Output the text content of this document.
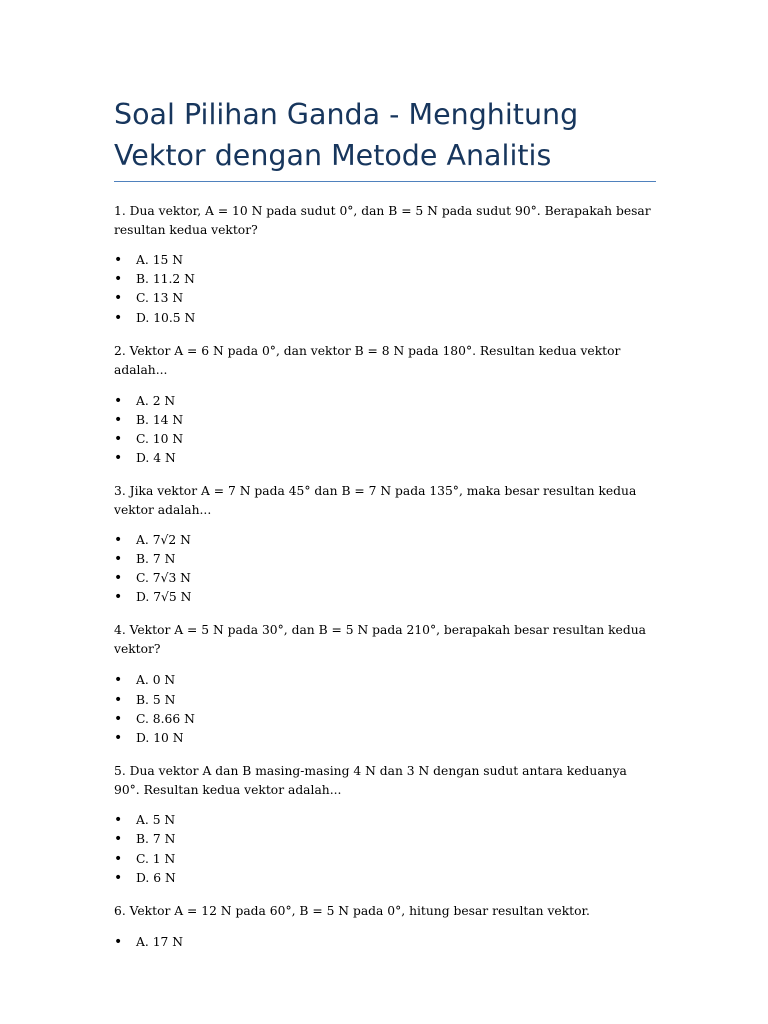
Soal Pilihan Ganda - Menghitung Vektor dengan Metode Analitis

1. Dua vektor, A = 10 N pada sudut 0°, dan B = 5 N pada sudut 90°. Berapakah besar resultan kedua vektor?

• A. 15 N
• B. 11.2 N
• C. 13 N
• D. 10.5 N

2. Vektor A = 6 N pada 0°, dan vektor B = 8 N pada 180°. Resultan kedua vektor adalah...

• A. 2 N
• B. 14 N
• C. 10 N
• D. 4 N

3. Jika vektor A = 7 N pada 45° dan B = 7 N pada 135°, maka besar resultan kedua vektor adalah...

• A. 7√2 N
• B. 7 N
• C. 7√3 N
• D. 7√5 N

4. Vektor A = 5 N pada 30°, dan B = 5 N pada 210°, berapakah besar resultan kedua vektor?

• A. 0 N
• B. 5 N
• C. 8.66 N
• D. 10 N

5. Dua vektor A dan B masing-masing 4 N dan 3 N dengan sudut antara keduanya 90°. Resultan kedua vektor adalah...

• A. 5 N
• B. 7 N
• C. 1 N
• D. 6 N

6. Vektor A = 12 N pada 60°, B = 5 N pada 0°, hitung besar resultan vektor.

• A. 17 N
